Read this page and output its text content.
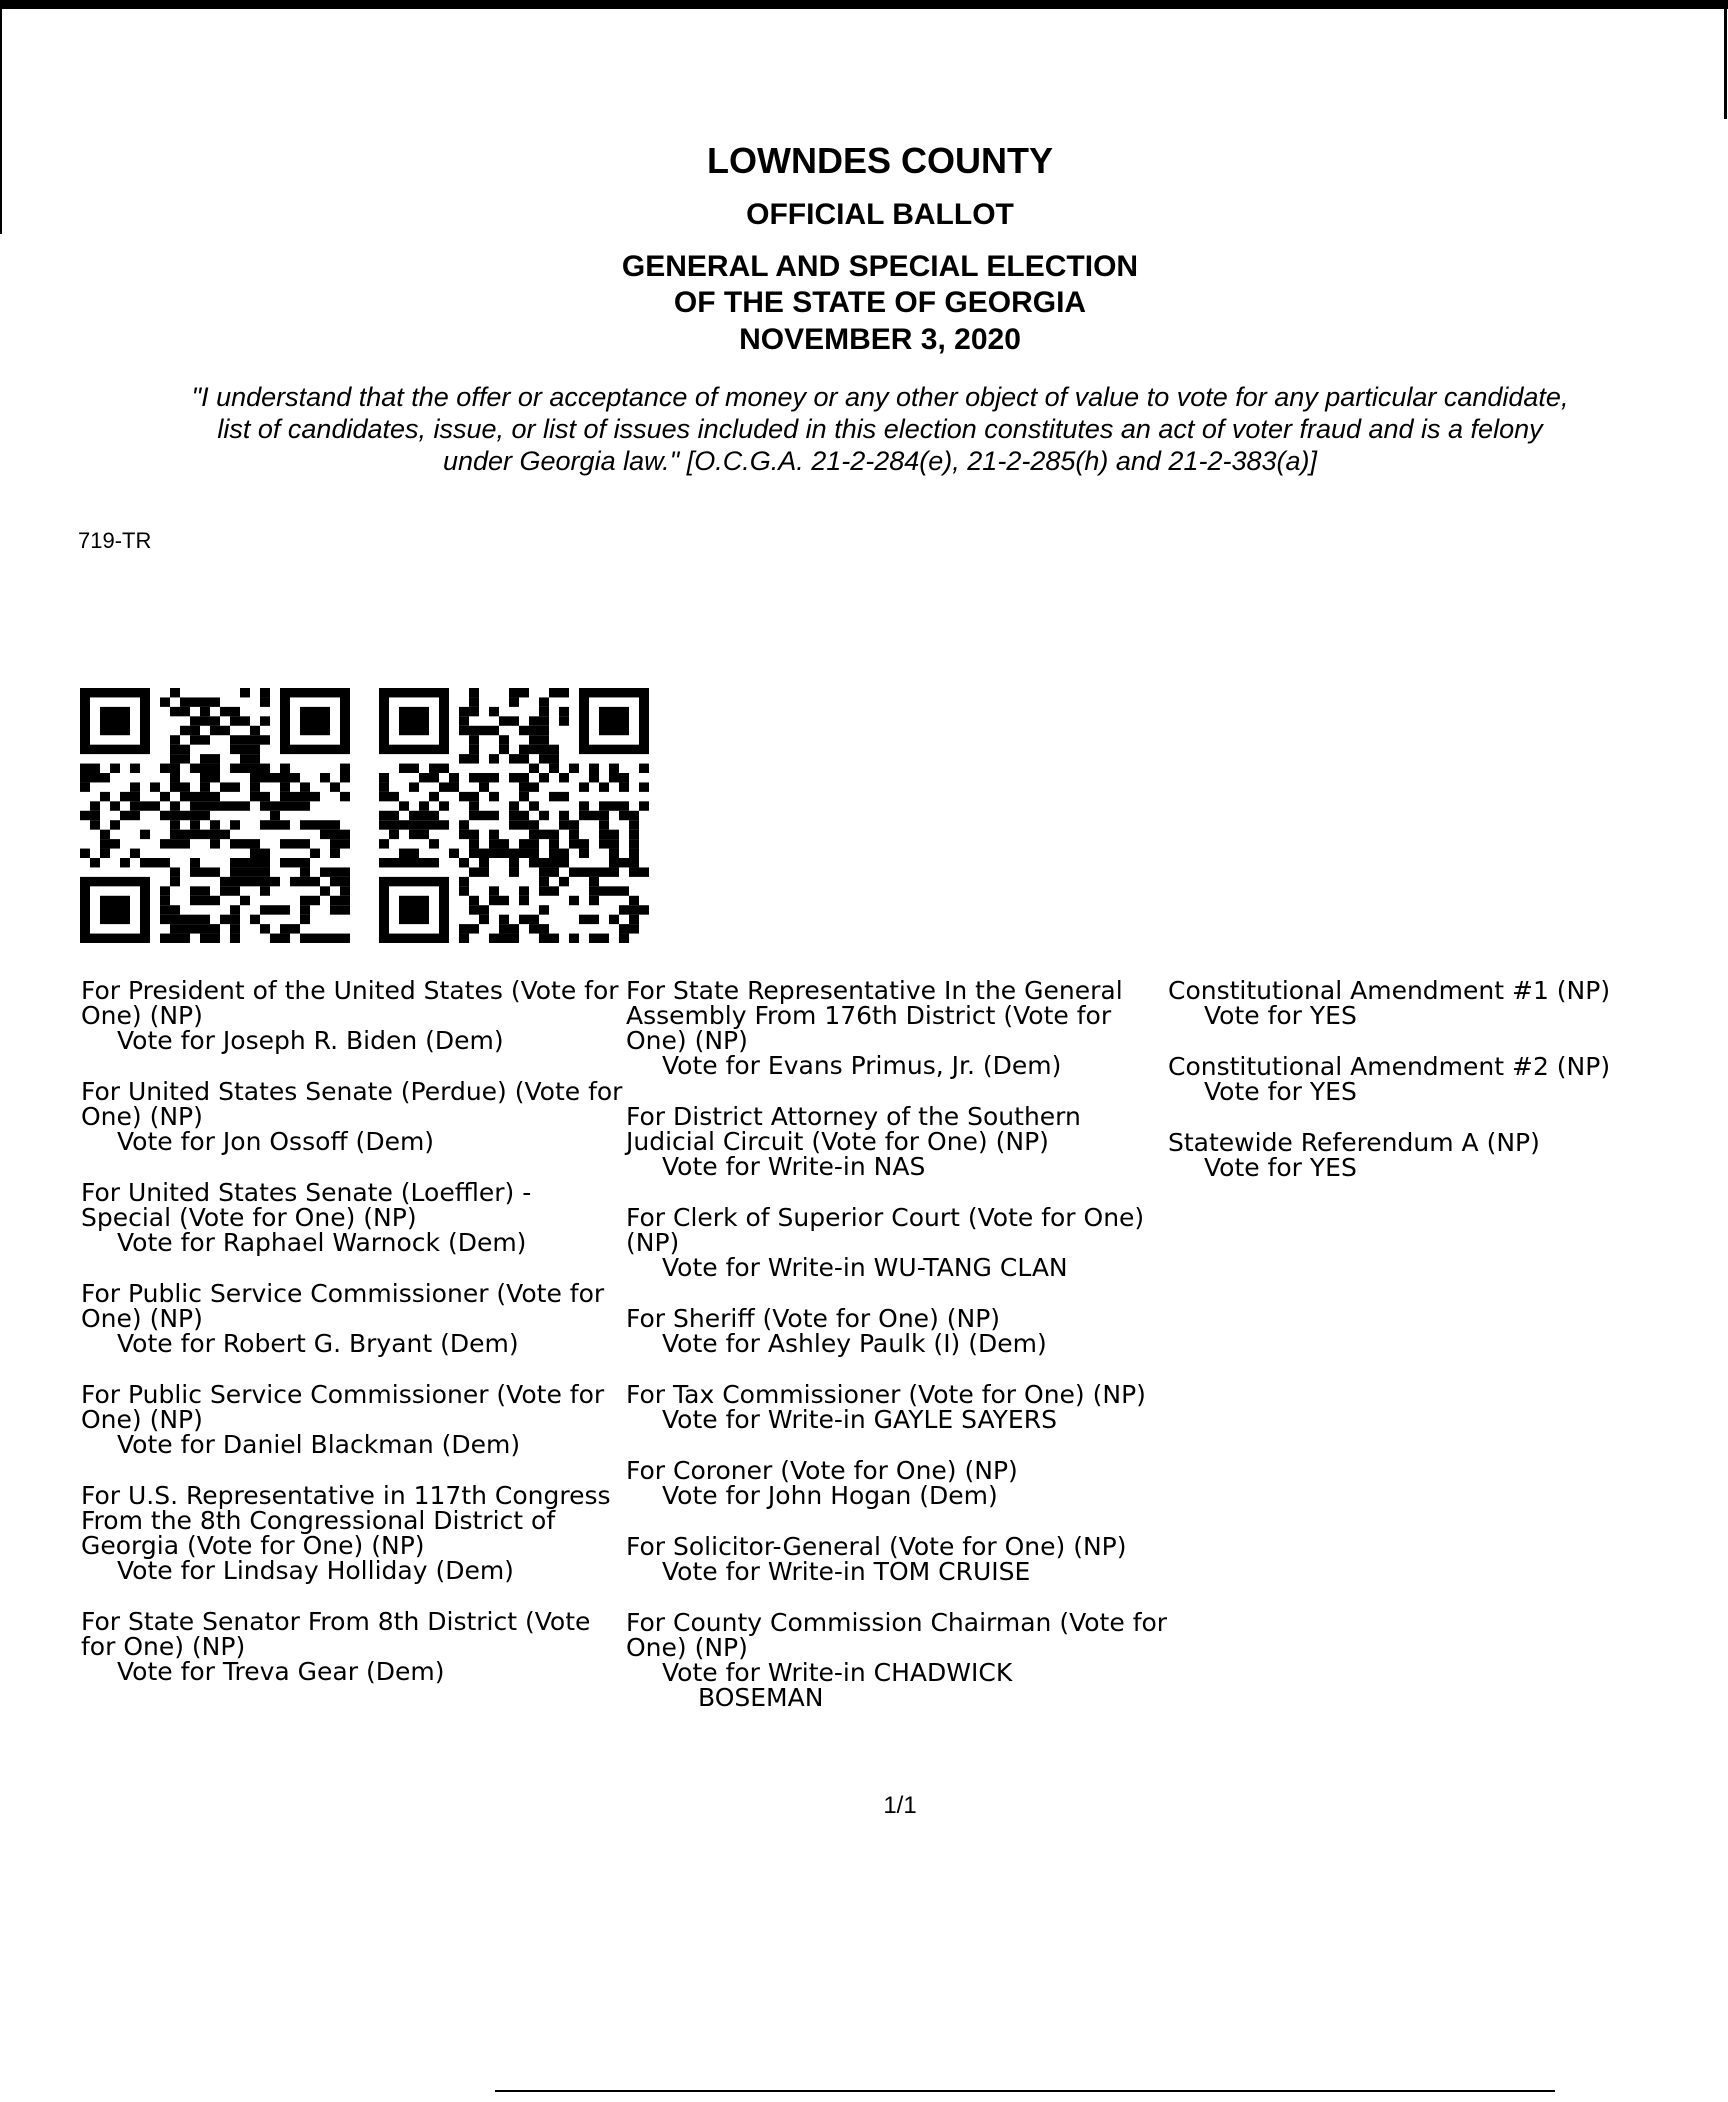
LOWNDES COUNTY
OFFICIAL BALLOT
GENERAL AND SPECIAL ELECTION
OF THE STATE OF GEORGIA
NOVEMBER 3, 2020
"I understand that the offer or acceptance of money or any other object of value to vote for any particular candidate,
list of candidates, issue, or list of issues included in this election constitutes an act of voter fraud and is a felony
under Georgia law." [O.C.G.A. 21-2-284(e), 21-2-285(h) and 21-2-383(a)]
719-TR
For President of the United States (Vote for One) (NP)
Vote for Joseph R. Biden (Dem)
For United States Senate (Perdue) (Vote for One) (NP)
Vote for Jon Ossoff (Dem)
For United States Senate (Loeffler) - Special (Vote for One) (NP)
Vote for Raphael Warnock (Dem)
For Public Service Commissioner (Vote for One) (NP)
Vote for Robert G. Bryant (Dem)
For Public Service Commissioner (Vote for One) (NP)
Vote for Daniel Blackman (Dem)
For U.S. Representative in 117th Congress From the 8th Congressional District of Georgia (Vote for One) (NP)
Vote for Lindsay Holliday (Dem)
For State Senator From 8th District (Vote for One) (NP)
Vote for Treva Gear (Dem)
For State Representative In the General Assembly From 176th District (Vote for One) (NP)
Vote for Evans Primus, Jr. (Dem)
For District Attorney of the Southern Judicial Circuit (Vote for One) (NP)
Vote for Write-in NAS
For Clerk of Superior Court (Vote for One) (NP)
Vote for Write-in WU-TANG CLAN
For Sheriff (Vote for One) (NP)
Vote for Ashley Paulk (I) (Dem)
For Tax Commissioner (Vote for One) (NP)
Vote for Write-in GAYLE SAYERS
For Coroner (Vote for One) (NP)
Vote for John Hogan (Dem)
For Solicitor-General (Vote for One) (NP)
Vote for Write-in TOM CRUISE
For County Commission Chairman (Vote for One) (NP)
Vote for Write-in CHADWICK
BOSEMAN
Constitutional Amendment #1 (NP)
Vote for YES
Constitutional Amendment #2 (NP)
Vote for YES
Statewide Referendum A (NP)
Vote for YES
1/1
